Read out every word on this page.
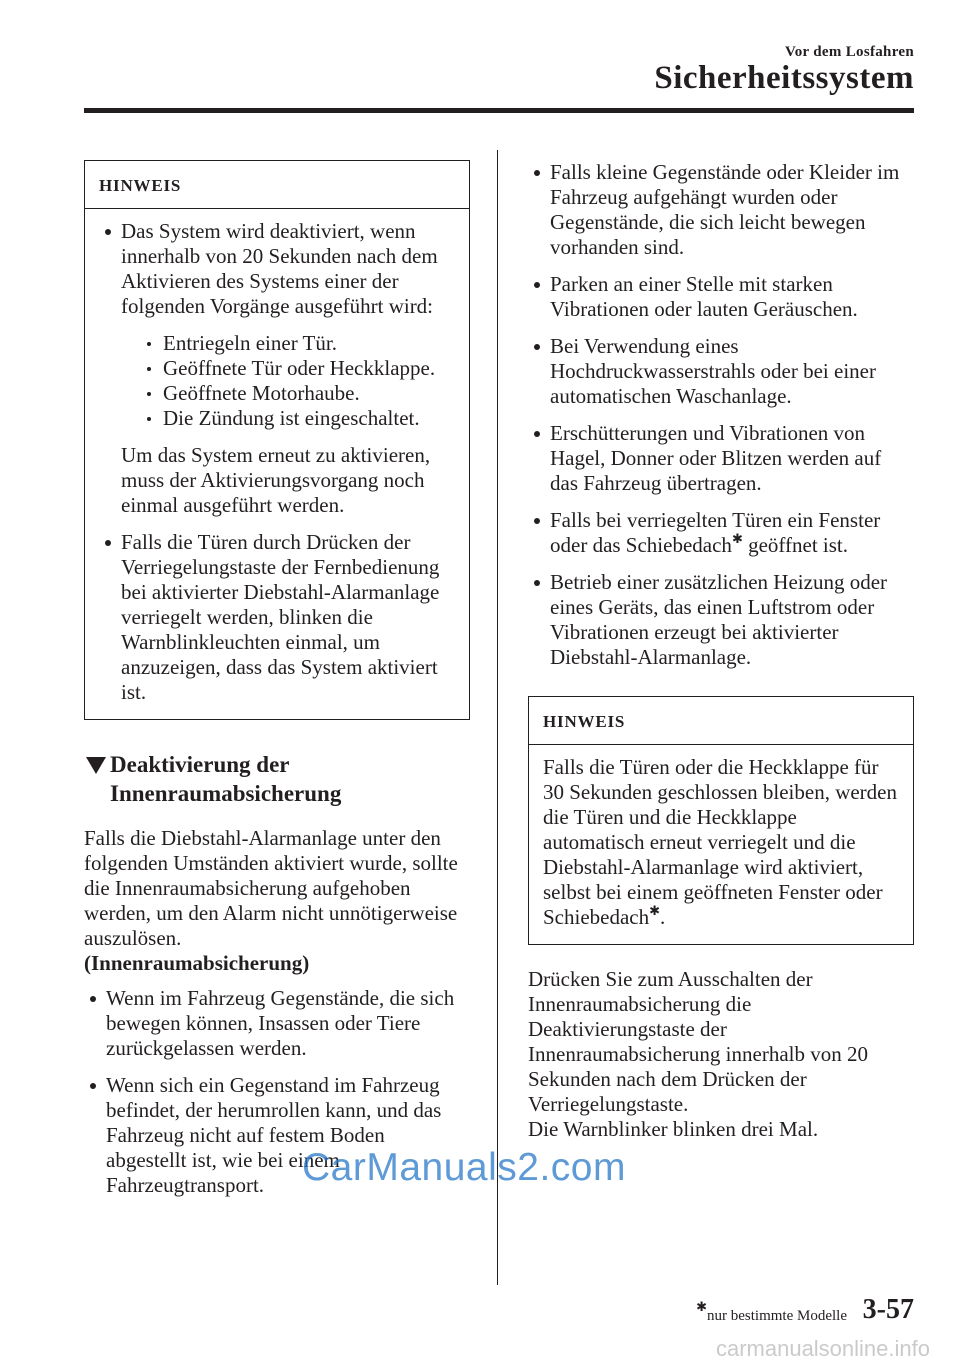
Vor dem Losfahren
Sicherheitssystem
HINWEIS
Das System wird deaktiviert, wenn innerhalb von 20 Sekunden nach dem Aktivieren des Systems einer der folgenden Vorgänge ausgeführt wird:
Entriegeln einer Tür.
Geöffnete Tür oder Heckklappe.
Geöffnete Motorhaube.
Die Zündung ist eingeschaltet.
Um das System erneut zu aktivieren, muss der Aktivierungsvorgang noch einmal ausgeführt werden.
Falls die Türen durch Drücken der Verriegelungstaste der Fernbedienung bei aktivierter Diebstahl-Alarmanlage verriegelt werden, blinken die Warnblinkleuchten einmal, um anzuzeigen, dass das System aktiviert ist.
Deaktivierung der
Innenraumabsicherung
Falls die Diebstahl-Alarmanlage unter den folgenden Umständen aktiviert wurde, sollte die Innenraumabsicherung aufgehoben werden, um den Alarm nicht unnötigerweise auszulösen.
(Innenraumabsicherung)
Wenn im Fahrzeug Gegenstände, die sich bewegen können, Insassen oder Tiere zurückgelassen werden.
Wenn sich ein Gegenstand im Fahrzeug befindet, der herumrollen kann, und das Fahrzeug nicht auf festem Boden abgestellt ist, wie bei einem Fahrzeugtransport.
Falls kleine Gegenstände oder Kleider im Fahrzeug aufgehängt wurden oder Gegenstände, die sich leicht bewegen vorhanden sind.
Parken an einer Stelle mit starken Vibrationen oder lauten Geräuschen.
Bei Verwendung eines Hochdruckwasserstrahls oder bei einer automatischen Waschanlage.
Erschütterungen und Vibrationen von Hagel, Donner oder Blitzen werden auf das Fahrzeug übertragen.
Falls bei verriegelten Türen ein Fenster oder das Schiebedach✱ geöffnet ist.
Betrieb einer zusätzlichen Heizung oder eines Geräts, das einen Luftstrom oder Vibrationen erzeugt bei aktivierter Diebstahl-Alarmanlage.
HINWEIS
Falls die Türen oder die Heckklappe für 30 Sekunden geschlossen bleiben, werden die Türen und die Heckklappe automatisch erneut verriegelt und die Diebstahl-Alarmanlage wird aktiviert, selbst bei einem geöffneten Fenster oder Schiebedach✱.
Drücken Sie zum Ausschalten der Innenraumabsicherung die Deaktivierungstaste der Innenraumabsicherung innerhalb von 20 Sekunden nach dem Drücken der Verriegelungstaste.
Die Warnblinker blinken drei Mal.
✱nur bestimmte Modelle 3-57
CarManuals2.com
carmanualsonline.info
